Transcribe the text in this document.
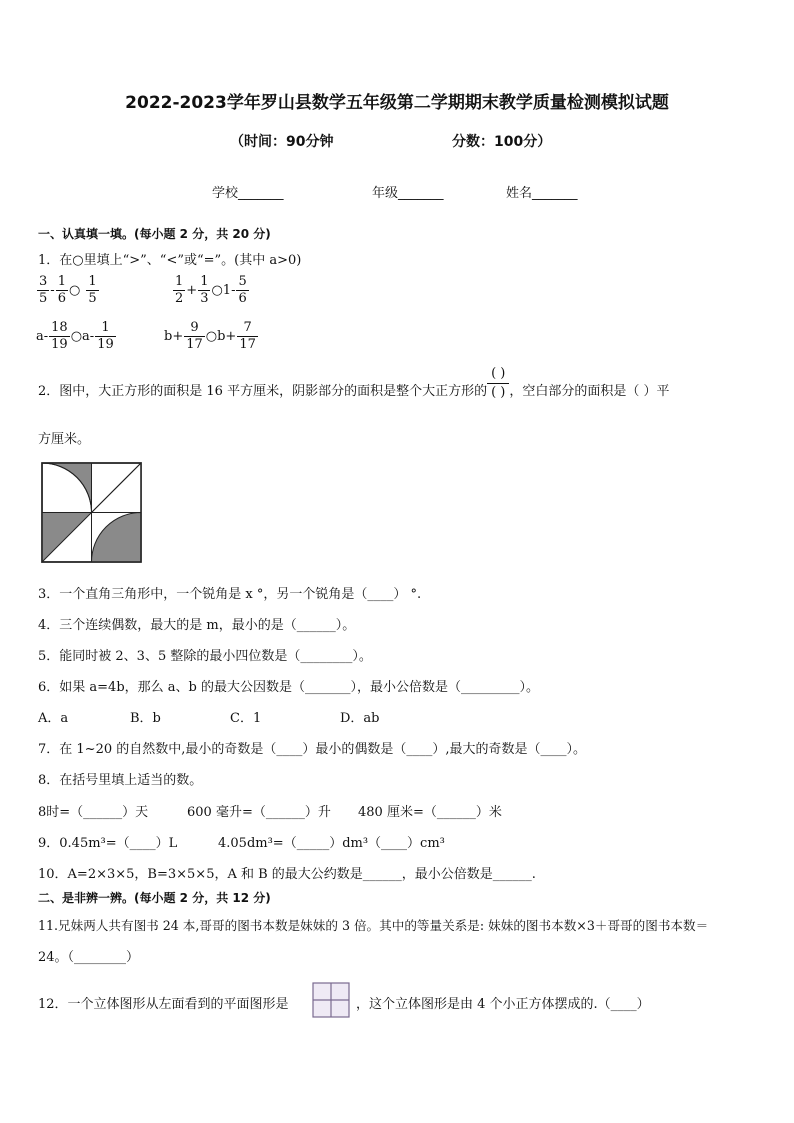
2022-2023学年罗山县数学五年级第二学期期末教学质量检测模拟试题
（时间：90分钟	分数：100分）
学校_______	年级_______	姓名_______
一、认真填一填。(每小题 2 分，共 20 分)
1．在○里填上“>”、“<”或“=”。(其中 a>0)
$\frac{3}{5} - \frac{1}{6}$ ○ $\frac{1}{5}$	$\frac{1}{2} + \frac{1}{3}$ ○1- $\frac{5}{6}$
$a- \frac{18}{19}$ ○a- $\frac{1}{19}$	$b+ \frac{9}{17}$ ○b+ $\frac{7}{17}$
2．图中，大正方形的面积是 16 平方厘米，阴影部分的面积是整个大正方形的
( )
( ) ，空白部分的面积是（ ）平
方厘米。
3．一个直角三角形中，一个锐角是 x °，另一个锐角是（____） °.
4．三个连续偶数，最大的是 m，最小的是（______）。
5．能同时被 2、3、5 整除的最小四位数是（________）。
6．如果 a=4b，那么 a、b 的最大公因数是（_______），最小公倍数是（_________）。
A．a	B．b	C．1	D．ab
7．在 1~20 的自然数中,最小的奇数是（____）最小的偶数是（____）,最大的奇数是（____）。
8．在括号里填上适当的数。
8时=（______）天	600 毫升=（______）升 480 厘米=（______）米
9．0.45m³=（____）L	4.05dm³=（_____）dm³（____）cm³
10．A=2×3×5，B=3×5×5，A 和 B 的最大公约数是______，最小公倍数是______.
二、是非辨一辨。(每小题 2 分，共 12 分)
11.兄妹两人共有图书 24 本,哥哥的图书本数是妹妹的 3 倍。其中的等量关系是: 妹妹的图书本数×3＋哥哥的图书本数＝
24。（________）
12．一个立体图形从左面看到的平面图形是	，这个立体图形是由 4 个小正方体摆成的.（____）
